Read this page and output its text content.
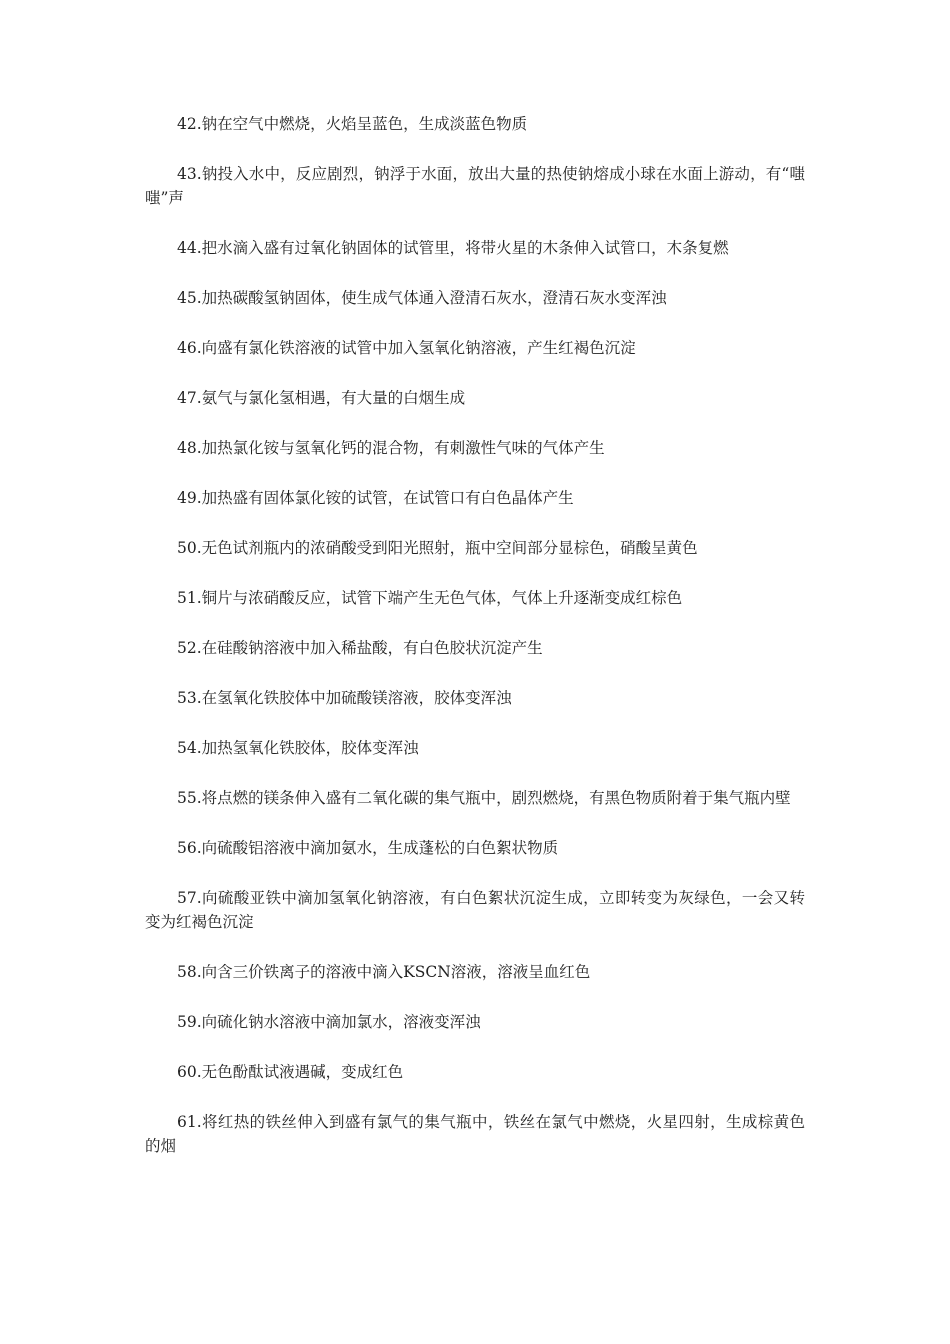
42.钠在空气中燃烧，火焰呈蓝色，生成淡蓝色物质

43.钠投入水中，反应剧烈，钠浮于水面，放出大量的热使钠熔成小球在水面上游动，有“嗤嗤”声

44.把水滴入盛有过氧化钠固体的试管里，将带火星的木条伸入试管口，木条复燃

45.加热碳酸氢钠固体，使生成气体通入澄清石灰水，澄清石灰水变浑浊

46.向盛有氯化铁溶液的试管中加入氢氧化钠溶液，产生红褐色沉淀

47.氨气与氯化氢相遇，有大量的白烟生成

48.加热氯化铵与氢氧化钙的混合物，有刺激性气味的气体产生

49.加热盛有固体氯化铵的试管，在试管口有白色晶体产生

50.无色试剂瓶内的浓硝酸受到阳光照射，瓶中空间部分显棕色，硝酸呈黄色

51.铜片与浓硝酸反应，试管下端产生无色气体，气体上升逐渐变成红棕色

52.在硅酸钠溶液中加入稀盐酸，有白色胶状沉淀产生

53.在氢氧化铁胶体中加硫酸镁溶液，胶体变浑浊

54.加热氢氧化铁胶体，胶体变浑浊

55.将点燃的镁条伸入盛有二氧化碳的集气瓶中，剧烈燃烧，有黑色物质附着于集气瓶内壁

56.向硫酸铝溶液中滴加氨水，生成蓬松的白色絮状物质

57.向硫酸亚铁中滴加氢氧化钠溶液，有白色絮状沉淀生成，立即转变为灰绿色，一会又转变为红褐色沉淀

58.向含三价铁离子的溶液中滴入KSCN溶液，溶液呈血红色

59.向硫化钠水溶液中滴加氯水，溶液变浑浊

60.无色酚酞试液遇碱，变成红色

61.将红热的铁丝伸入到盛有氯气的集气瓶中，铁丝在氯气中燃烧，火星四射，生成棕黄色的烟
